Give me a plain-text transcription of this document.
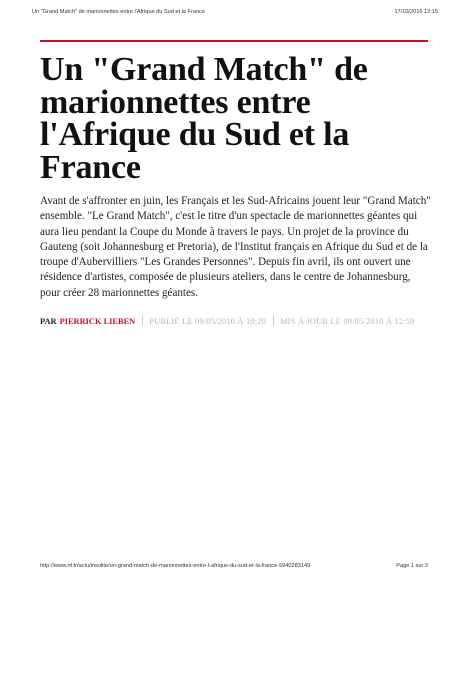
Un "Grand Match" de marionnettes entre l'Afrique du Sud et la France	17/10/2016 12:15
Un "Grand Match" de marionnettes entre l'Afrique du Sud et la France

Avant de s'affronter en juin, les Français et les Sud-Africains jouent leur "Grand Match" ensemble. "Le Grand Match", c'est le titre d'un spectacle de marionnettes géantes qui aura lieu pendant la Coupe du Monde à travers le pays. Un projet de la province du Gauteng (soit Johannesburg et Pretoria), de l'Institut français en Afrique du Sud et de la troupe d'Aubervilliers "Les Grandes Personnes". Depuis fin avril, ils ont ouvert une résidence d'artistes, composée de plusieurs ateliers, dans le centre de Johannesburg, pour créer 28 marionnettes géantes.

PAR PIERRICK LIEBEN PUBLIÉ LE 09/05/2010 À 10:20 MIS À JOUR LE 09/05/2010 À 12:59
http://www.rtl.fr/actu/insolite/un-grand-match-de-marionnettes-entre-l-afrique-du-sud-et-la-france-5940283149	Page 1 sur 3
